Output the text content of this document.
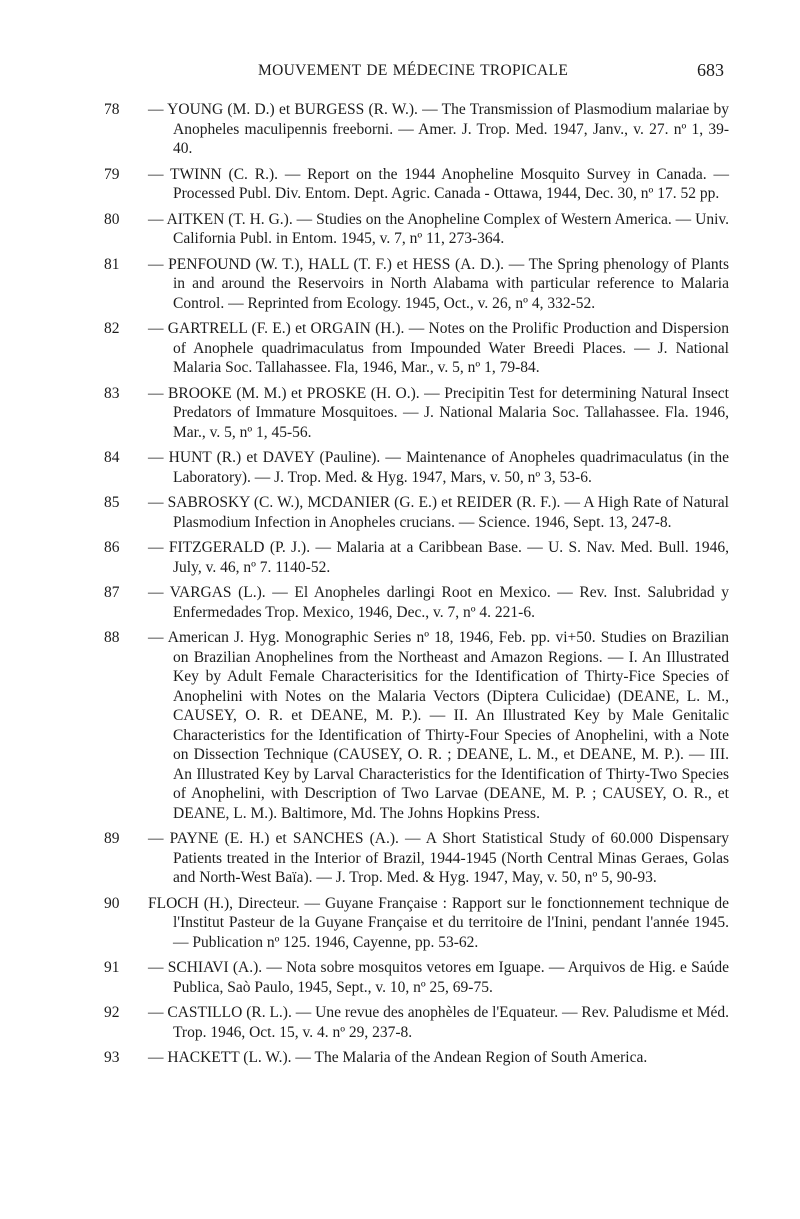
MOUVEMENT DE MÉDECINE TROPICALE	683
78 — YOUNG (M. D.) et BURGESS (R. W.). — The Transmission of Plasmodium malariae by Anopheles maculipennis freeborni. — Amer. J. Trop. Med. 1947, Janv., v. 27. nº 1, 39-40.
79 — TWINN (C. R.). — Report on the 1944 Anopheline Mosquito Survey in Canada. — Processed Publ. Div. Entom. Dept. Agric. Canada - Ottawa, 1944, Dec. 30, nº 17. 52 pp.
80 — AITKEN (T. H. G.). — Studies on the Anopheline Complex of Western America. — Univ. California Publ. in Entom. 1945, v. 7, nº 11, 273-364.
81 — PENFOUND (W. T.), HALL (T. F.) et HESS (A. D.). — The Spring phenology of Plants in and around the Reservoirs in North Alabama with particular reference to Malaria Control. — Reprinted from Ecology. 1945, Oct., v. 26, nº 4, 332-52.
82 — GARTRELL (F. E.) et ORGAIN (H.). — Notes on the Prolific Production and Dispersion of Anophele quadrimaculatus from Impounded Water Breedi Places. — J. National Malaria Soc. Tallahassee. Fla, 1946, Mar., v. 5, nº 1, 79-84.
83 — BROOKE (M. M.) et PROSKE (H. O.). — Precipitin Test for determining Natural Insect Predators of Immature Mosquitoes. — J. National Malaria Soc. Tallahassee. Fla. 1946, Mar., v. 5, nº 1, 45-56.
84 — HUNT (R.) et DAVEY (Pauline). — Maintenance of Anopheles quadrimaculatus (in the Laboratory). — J. Trop. Med. & Hyg. 1947, Mars, v. 50, nº 3, 53-6.
85 — SABROSKY (C. W.), MCDANIER (G. E.) et REIDER (R. F.). — A High Rate of Natural Plasmodium Infection in Anopheles crucians. — Science. 1946, Sept. 13, 247-8.
86 — FITZGERALD (P. J.). — Malaria at a Caribbean Base. — U. S. Nav. Med. Bull. 1946, July, v. 46, nº 7. 1140-52.
87 — VARGAS (L.). — El Anopheles darlingi Root en Mexico. — Rev. Inst. Salubridad y Enfermedades Trop. Mexico, 1946, Dec., v. 7, nº 4. 221-6.
88 — American J. Hyg. Monographic Series nº 18, 1946, Feb. pp. vi+50. Studies on Brazilian on Brazilian Anophelines from the Northeast and Amazon Regions. — I. An Illustrated Key by Adult Female Characterisitics for the Identification of Thirty-Fice Species of Anophelini with Notes on the Malaria Vectors (Diptera Culicidae) (DEANE, L. M., CAUSEY, O. R. et DEANE, M. P.). — II. An Illustrated Key by Male Genitalic Characteristics for the Identification of Thirty-Four Species of Anophelini, with a Note on Dissection Technique (CAUSEY, O. R. ; DEANE, L. M., et DEANE, M. P.). — III. An Illustrated Key by Larval Characteristics for the Identification of Thirty-Two Species of Anophelini, with Description of Two Larvae (DEANE, M. P. ; CAUSEY, O. R., et DEANE, L. M.). Baltimore, Md. The Johns Hopkins Press.
89 — PAYNE (E. H.) et SANCHES (A.). — A Short Statistical Study of 60.000 Dispensary Patients treated in the Interior of Brazil, 1944-1945 (North Central Minas Geraes, Golas and North-West Baïa). — J. Trop. Med. & Hyg. 1947, May, v. 50, nº 5, 90-93.
90 FLOCH (H.), Directeur. — Guyane Française : Rapport sur le fonctionnement technique de l'Institut Pasteur de la Guyane Française et du territoire de l'Inini, pendant l'année 1945. — Publication nº 125. 1946, Cayenne, pp. 53-62.
91 — SCHIAVI (A.). — Nota sobre mosquitos vetores em Iguape. — Arquivos de Hig. e Saúde Publica, Saò Paulo, 1945, Sept., v. 10, nº 25, 69-75.
92 — CASTILLO (R. L.). — Une revue des anophèles de l'Equateur. — Rev. Paludisme et Méd. Trop. 1946, Oct. 15, v. 4. nº 29, 237-8.
93 — HACKETT (L. W.). — The Malaria of the Andean Region of South America.
